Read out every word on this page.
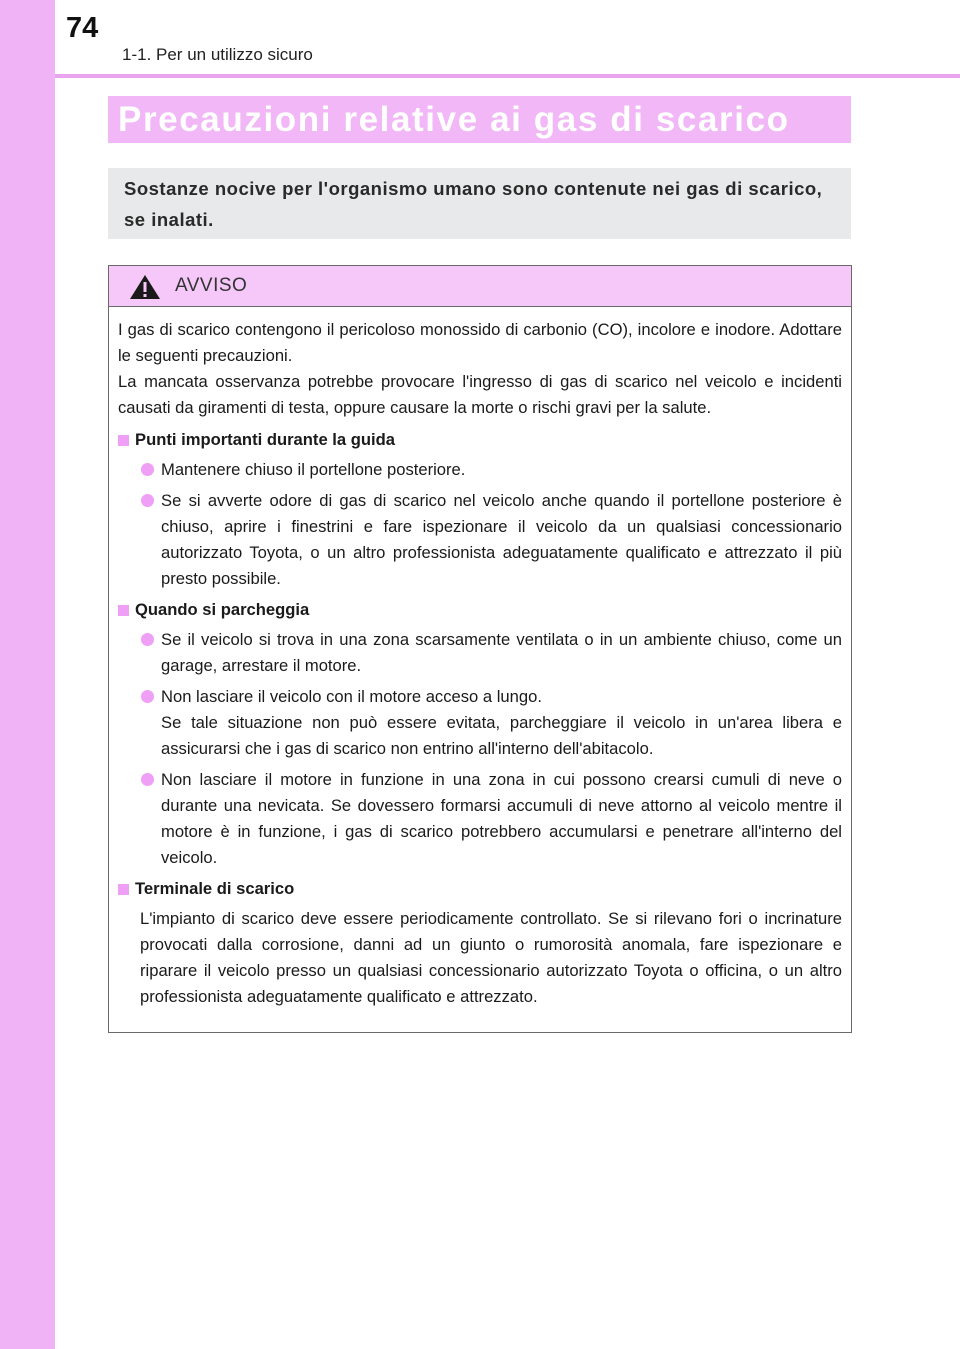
74
1-1. Per un utilizzo sicuro
Precauzioni relative ai gas di scarico
Sostanze nocive per l'organismo umano sono contenute nei gas di scarico, se inalati.
AVVISO

I gas di scarico contengono il pericoloso monossido di carbonio (CO), incolore e inodore. Adottare le seguenti precauzioni.

La mancata osservanza potrebbe provocare l'ingresso di gas di scarico nel veicolo e incidenti causati da giramenti di testa, oppure causare la morte o rischi gravi per la salute.

Punti importanti durante la guida
Mantenere chiuso il portellone posteriore.
Se si avverte odore di gas di scarico nel veicolo anche quando il portellone posteriore è chiuso, aprire i finestrini e fare ispezionare il veicolo da un qualsiasi concessionario autorizzato Toyota, o un altro professionista adeguatamente qualificato e attrezzato il più presto possibile.
Quando si parcheggia
Se il veicolo si trova in una zona scarsamente ventilata o in un ambiente chiuso, come un garage, arrestare il motore.
Non lasciare il veicolo con il motore acceso a lungo.
Se tale situazione non può essere evitata, parcheggiare il veicolo in un'area libera e assicurarsi che i gas di scarico non entrino all'interno dell'abitacolo.
Non lasciare il motore in funzione in una zona in cui possono crearsi cumuli di neve o durante una nevicata. Se dovessero formarsi accumuli di neve attorno al veicolo mentre il motore è in funzione, i gas di scarico potrebbero accumularsi e penetrare all'interno del veicolo.
Terminale di scarico
L'impianto di scarico deve essere periodicamente controllato. Se si rilevano fori o incrinature provocati dalla corrosione, danni ad un giunto o rumorosità anomala, fare ispezionare e riparare il veicolo presso un qualsiasi concessionario autorizzato Toyota o officina, o un altro professionista adeguatamente qualificato e attrezzato.
